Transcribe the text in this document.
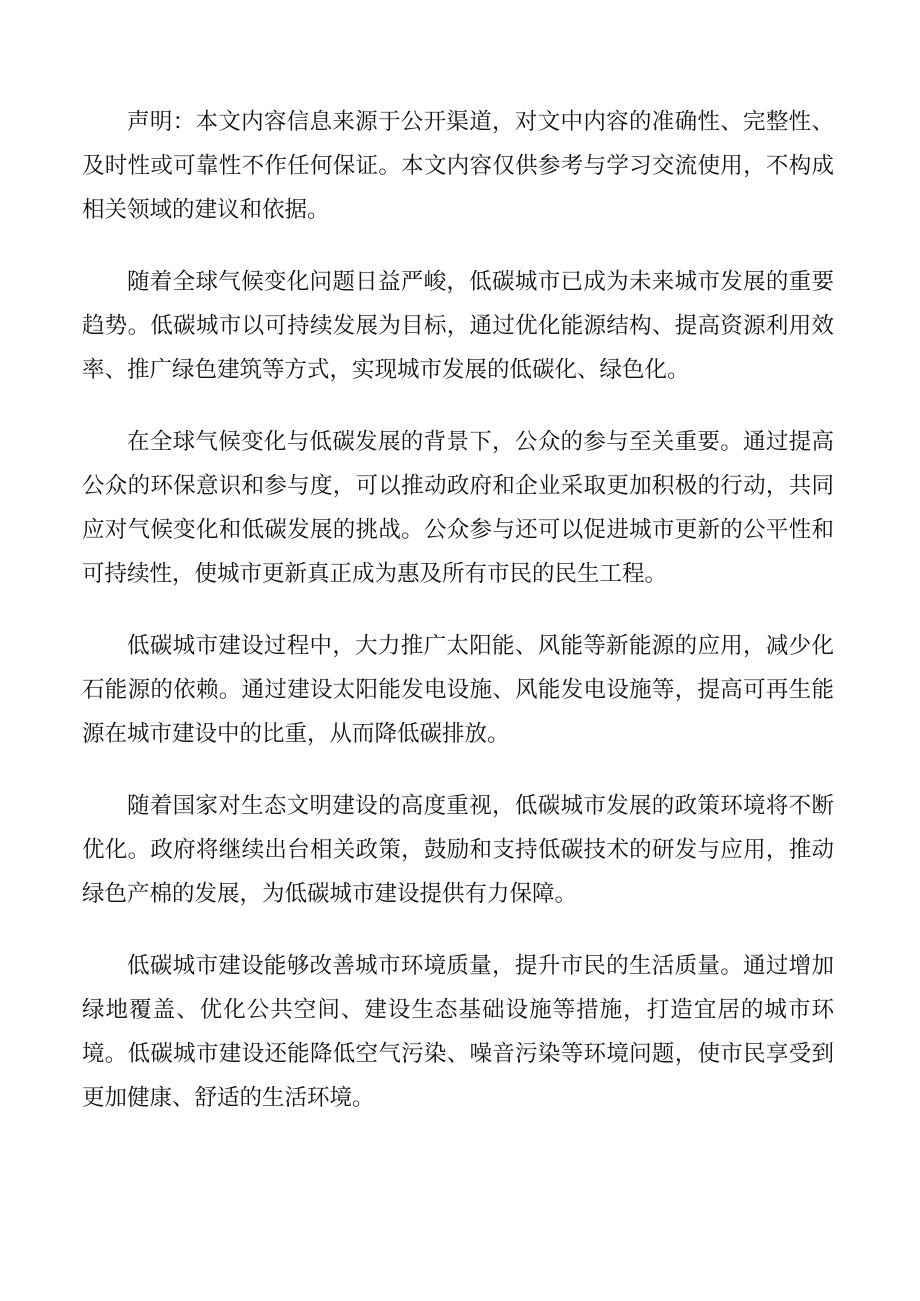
声明：本文内容信息来源于公开渠道，对文中内容的准确性、完整性、及时性或可靠性不作任何保证。本文内容仅供参考与学习交流使用，不构成相关领域的建议和依据。

随着全球气候变化问题日益严峻，低碳城市已成为未来城市发展的重要趋势。低碳城市以可持续发展为目标，通过优化能源结构、提高资源利用效率、推广绿色建筑等方式，实现城市发展的低碳化、绿色化。

在全球气候变化与低碳发展的背景下，公众的参与至关重要。通过提高公众的环保意识和参与度，可以推动政府和企业采取更加积极的行动，共同应对气候变化和低碳发展的挑战。公众参与还可以促进城市更新的公平性和可持续性，使城市更新真正成为惠及所有市民的民生工程。

低碳城市建设过程中，大力推广太阳能、风能等新能源的应用，减少化石能源的依赖。通过建设太阳能发电设施、风能发电设施等，提高可再生能源在城市建设中的比重，从而降低碳排放。

随着国家对生态文明建设的高度重视，低碳城市发展的政策环境将不断优化。政府将继续出台相关政策，鼓励和支持低碳技术的研发与应用，推动绿色产棉的发展，为低碳城市建设提供有力保障。

低碳城市建设能够改善城市环境质量，提升市民的生活质量。通过增加绿地覆盖、优化公共空间、建设生态基础设施等措施，打造宜居的城市环境。低碳城市建设还能降低空气污染、噪音污染等环境问题，使市民享受到更加健康、舒适的生活环境。
